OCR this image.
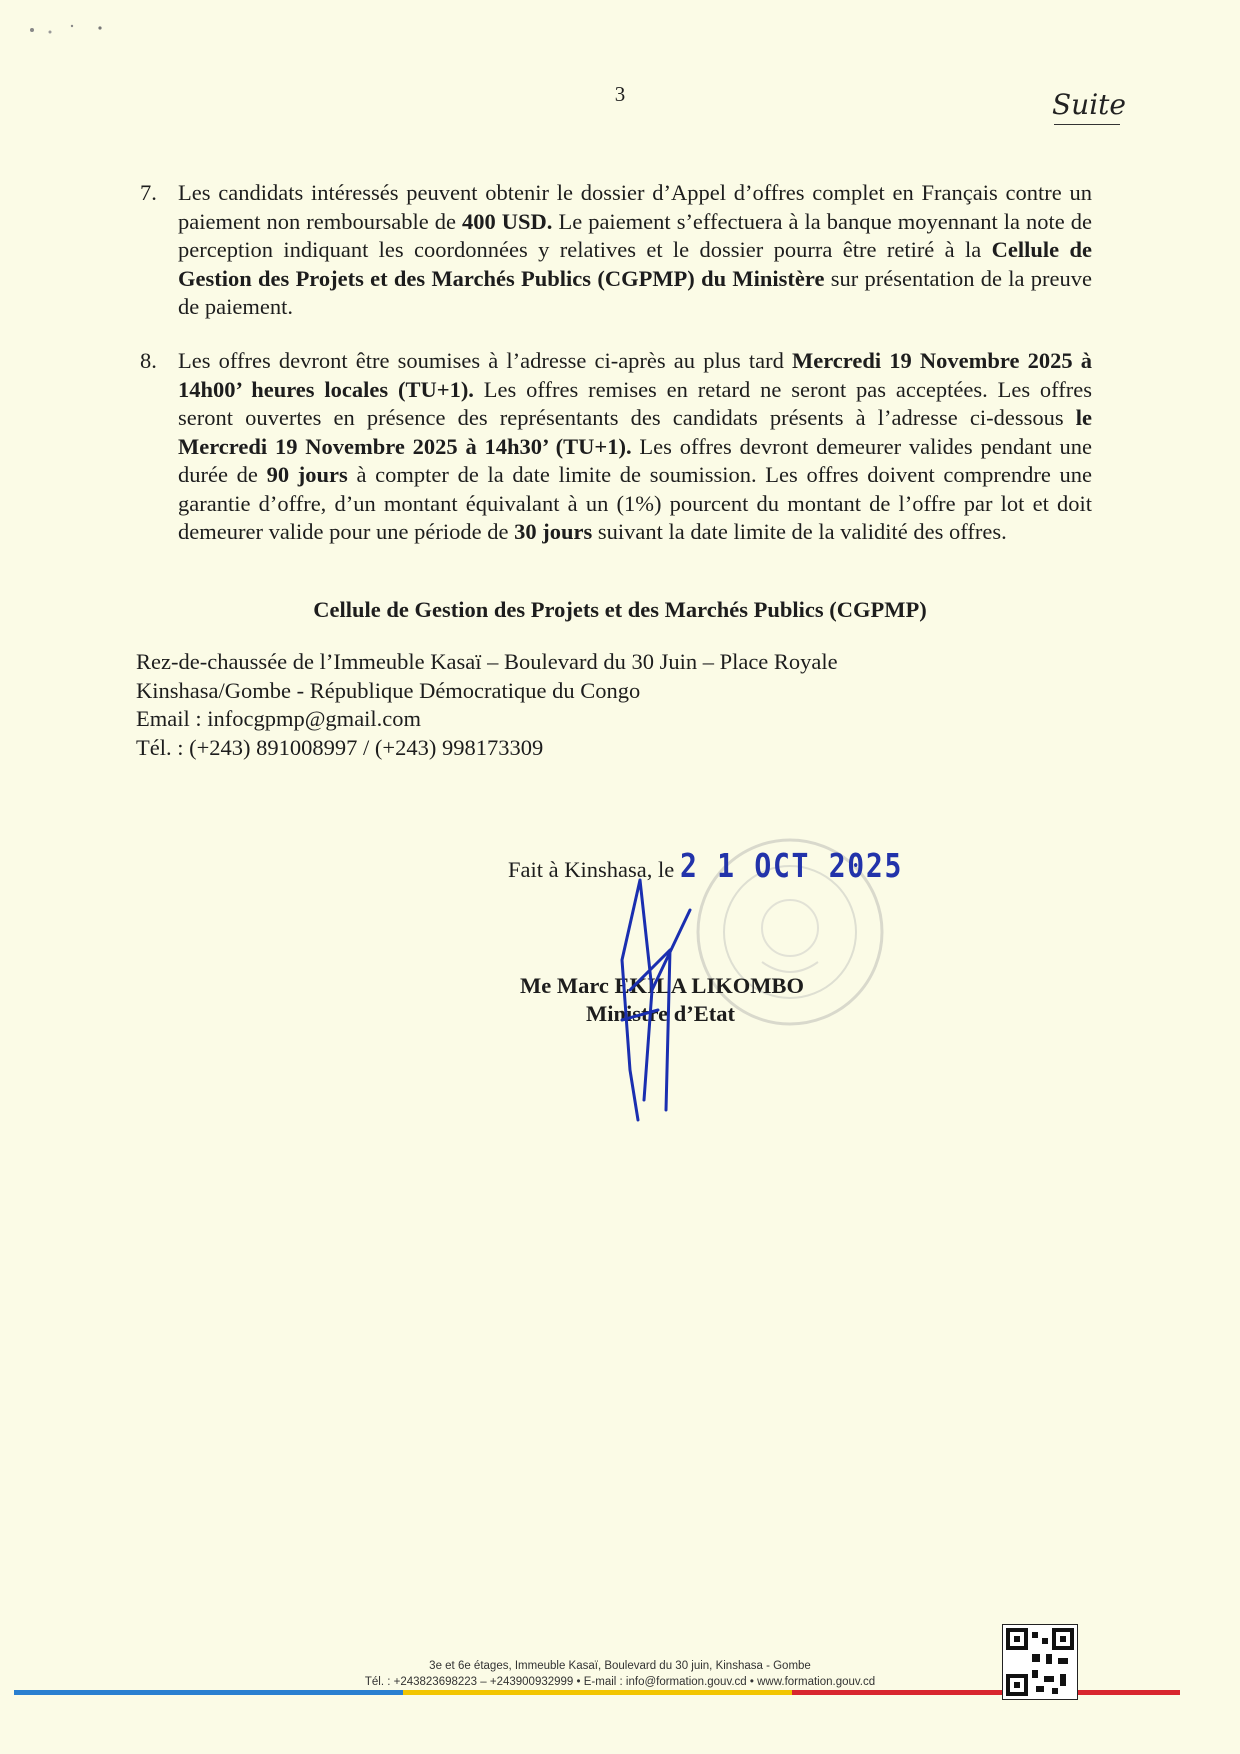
3	Suite
7. Les candidats intéressés peuvent obtenir le dossier d’Appel d’offres complet en Français contre un paiement non remboursable de 400 USD. Le paiement s’effectuera à la banque moyennant la note de perception indiquant les coordonnées y relatives et le dossier pourra être retiré à la Cellule de Gestion des Projets et des Marchés Publics (CGPMP) du Ministère sur présentation de la preuve de paiement.
8. Les offres devront être soumises à l’adresse ci-après au plus tard Mercredi 19 Novembre 2025 à 14h00’ heures locales (TU+1). Les offres remises en retard ne seront pas acceptées. Les offres seront ouvertes en présence des représentants des candidats présents à l’adresse ci-dessous le Mercredi 19 Novembre 2025 à 14h30’ (TU+1). Les offres devront demeurer valides pendant une durée de 90 jours à compter de la date limite de soumission. Les offres doivent comprendre une garantie d’offre, d’un montant équivalant à un (1%) pourcent du montant de l’offre par lot et doit demeurer valide pour une période de 30 jours suivant la date limite de la validité des offres.
Cellule de Gestion des Projets et des Marchés Publics (CGPMP)
Rez-de-chaussée de l’Immeuble Kasaï – Boulevard du 30 Juin – Place Royale
Kinshasa/Gombe - République Démocratique du Congo
Email : infocgpmp@gmail.com
Tél. : (+243) 891008997 / (+243) 998173309
Fait à Kinshasa, le 2 1 OCT 2025
Me Marc EKILA LIKOMBO
Ministre d’Etat
3e et 6e étages, Immeuble Kasaï, Boulevard du 30 juin, Kinshasa - Gombe
Tél. : +243823698223 – +243900932999 • E-mail : info@formation.gouv.cd • www.formation.gouv.cd
